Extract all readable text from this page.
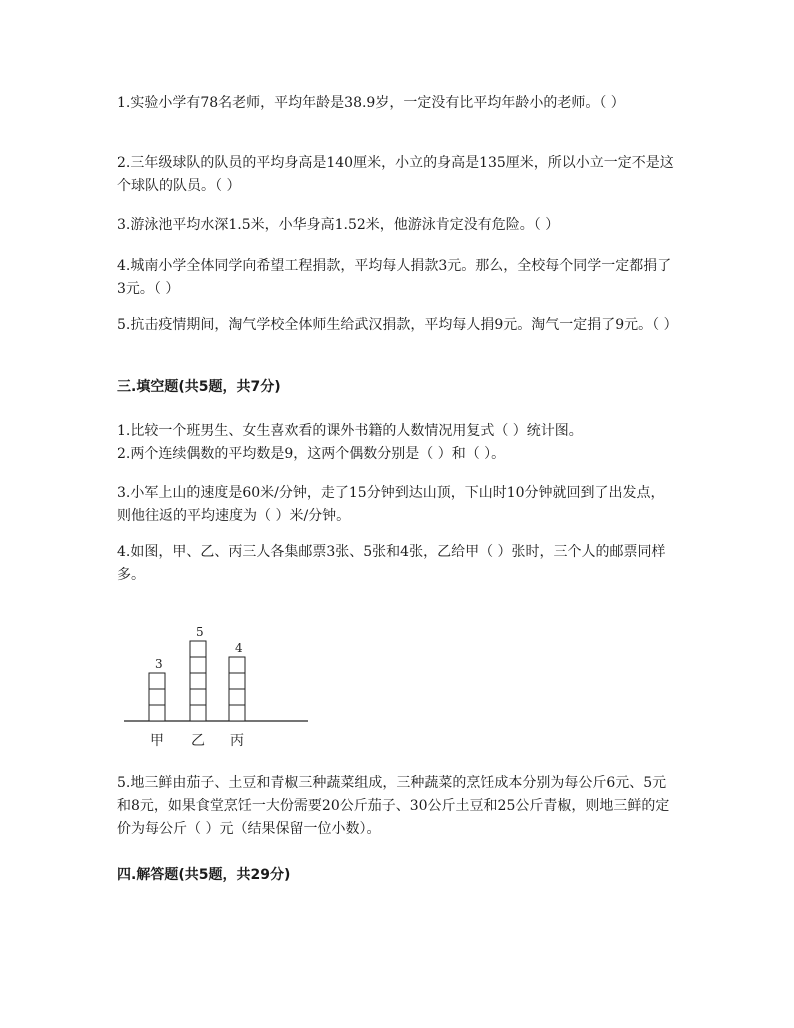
1.实验小学有78名老师，平均年龄是38.9岁，一定没有比平均年龄小的老师。（ ）

2.三年级球队的队员的平均身高是140厘米，小立的身高是135厘米，所以小立一定不是这个球队的队员。（ ）

3.游泳池平均水深1.5米，小华身高1.52米，他游泳肯定没有危险。（ ）

4.城南小学全体同学向希望工程捐款，平均每人捐款3元。那么，全校每个同学一定都捐了3元。（ ）

5.抗击疫情期间，淘气学校全体师生给武汉捐款，平均每人捐9元。淘气一定捐了9元。（ ）

三.填空题(共5题，共7分)

1.比较一个班男生、女生喜欢看的课外书籍的人数情况用复式（ ）统计图。

2.两个连续偶数的平均数是9，这两个偶数分别是（ ）和（ ）。

3.小军上山的速度是60米/分钟，走了15分钟到达山顶，下山时10分钟就回到了出发点，则他往返的平均速度为（ ）米/分钟。

4.如图，甲、乙、丙三人各集邮票3张、5张和4张，乙给甲（ ）张时，三个人的邮票同样多。

3
甲
5
乙
4
丙

5.地三鲜由茄子、土豆和青椒三种蔬菜组成，三种蔬菜的烹饪成本分别为每公斤6元、5元和8元，如果食堂烹饪一大份需要20公斤茄子、30公斤土豆和25公斤青椒，则地三鲜的定价为每公斤（ ）元（结果保留一位小数）。

四.解答题(共5题，共29分)
